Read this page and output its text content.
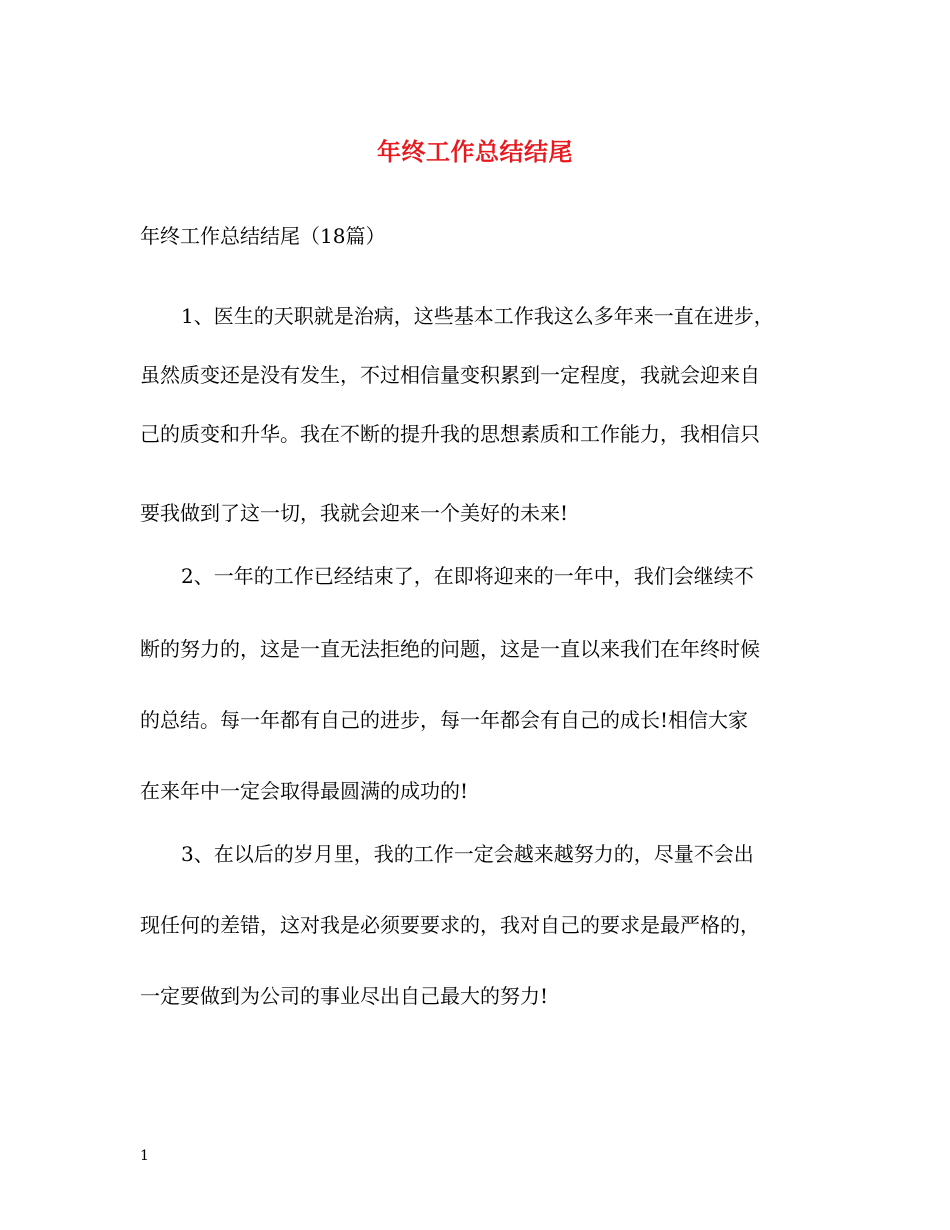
年终工作总结结尾
年终工作总结结尾（18篇）
1、医生的天职就是治病，这些基本工作我这么多年来一直在进步，
虽然质变还是没有发生，不过相信量变积累到一定程度，我就会迎来自
己的质变和升华。我在不断的提升我的思想素质和工作能力，我相信只
要我做到了这一切，我就会迎来一个美好的未来!
2、一年的工作已经结束了，在即将迎来的一年中，我们会继续不
断的努力的，这是一直无法拒绝的问题，这是一直以来我们在年终时候
的总结。每一年都有自己的进步，每一年都会有自己的成长!相信大家
在来年中一定会取得最圆满的成功的!
3、在以后的岁月里，我的工作一定会越来越努力的，尽量不会出
现任何的差错，这对我是必须要要求的，我对自己的要求是最严格的，
一定要做到为公司的事业尽出自己最大的努力!
1
